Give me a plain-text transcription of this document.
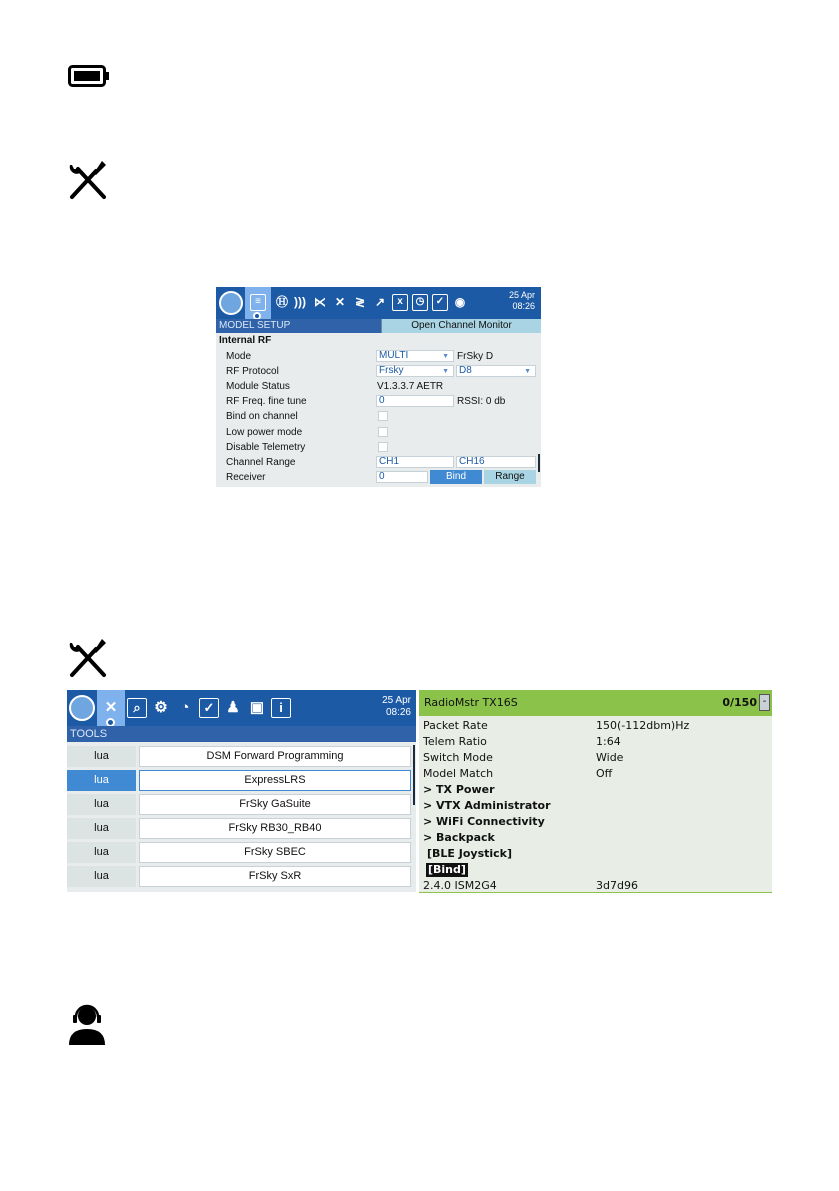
≡	Ⓗ ))) ⋉ ✕ ≷ ↗	x	◷	✓ ◉	25 Apr
08:26
MODEL SETUP	Open Channel Monitor
Internal RF
Mode	MULTI	▼ FrSky D
RF Protocol	Frsky	▼	D8	▼
Module Status	V1.3.3.7 AETR
RF Freq. fine tune	0	RSSI: 0 db
Bind on channel
Low power mode
Disable Telemetry
Channel Range	CH1	CH16
Receiver	0	Bind	Range
✕	⌕ ⚙ ◔	✓ ♟ ▣	i	25 Apr
08:26
TOOLS
lua	DSM Forward Programming
lua	ExpressLRS
lua	FrSky GaSuite
lua	FrSky RB30_RB40
lua	FrSky SBEC
lua	FrSky SxR
RadioMstr TX16S	0/150 -
Packet Rate	150(-112dbm)Hz
Telem Ratio	1:64
Switch Mode	Wide
Model Match	Off
> TX Power
> VTX Administrator
> WiFi Connectivity
> Backpack
[BLE Joystick]
[Bind]
2.4.0 ISM2G4	3d7d96
